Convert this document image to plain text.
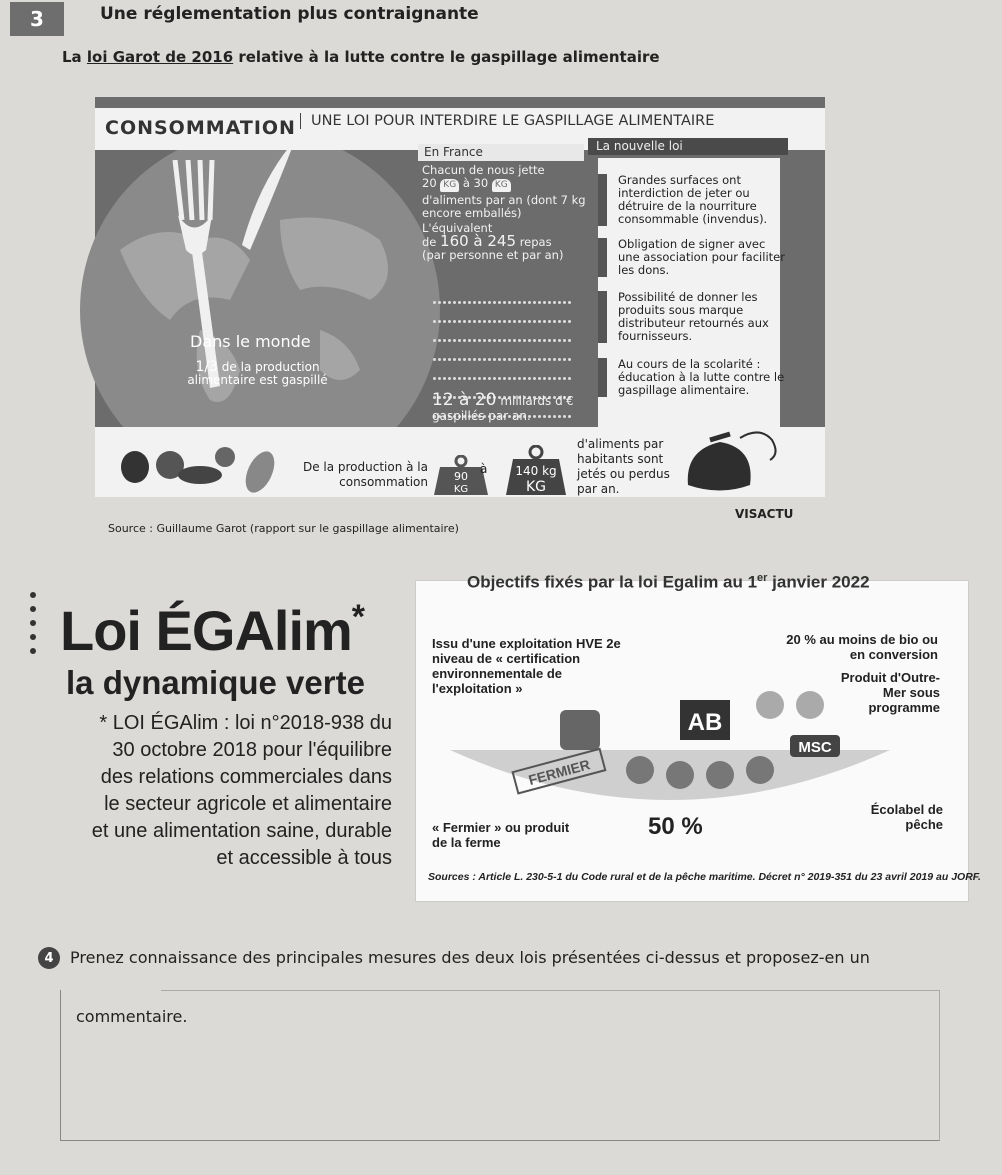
3	Une réglementation plus contraignante
La loi Garot de 2016 relative à la lutte contre le gaspillage alimentaire
CONSOMMATION	UNE LOI POUR INTERDIRE LE GASPILLAGE ALIMENTAIRE
Dans le monde
1/3 de la production alimentaire est gaspillé
En France
Chacun de nous jette
20 KG à 30 KG
d'aliments par an (dont 7 kg encore emballés)
L'équivalent
de 160 à 245 repas
(par personne et par an)
12 à 20 milliards d'€
gaspillés par an.
La nouvelle loi
Grandes surfaces ont interdiction de jeter ou détruire de la nourriture consommable (invendus).
Obligation de signer avec une association pour faciliter les dons.
Possibilité de donner les produits sous marque distributeur retournés aux fournisseurs.
Au cours de la scolarité : éducation à la lutte contre le gaspillage alimentaire.
De la production à la consommation 90
KG
à 140 kg
KG
d'aliments par habitants sont jetés ou perdus par an.
VISACTU
Source : Guillaume Garot (rapport sur le gaspillage alimentaire)
Objectifs fixés par la loi Egalim au 1er janvier 2022
Loi ÉGAlim*
la dynamique verte
* LOI ÉGAlim : loi n°2018-938 du 30 octobre 2018 pour l'équilibre des relations commerciales dans le secteur agricole et alimentaire et une alimentation saine, durable et accessible à tous
Issu d'une exploitation HVE 2e niveau de « certification environnementale de l'exploitation »
20 % au moins de bio ou en conversion
Produit d'Outre-Mer sous programme
AB
MSC
FERMIER
« Fermier » ou produit de la ferme
50 %
Écolabel de pêche
Sources : Article L. 230-5-1 du Code rural et de la pêche maritime. Décret n° 2019-351 du 23 avril 2019 au JORF.
4	Prenez connaissance des principales mesures des deux lois présentées ci-dessus et proposez-en un
commentaire.
